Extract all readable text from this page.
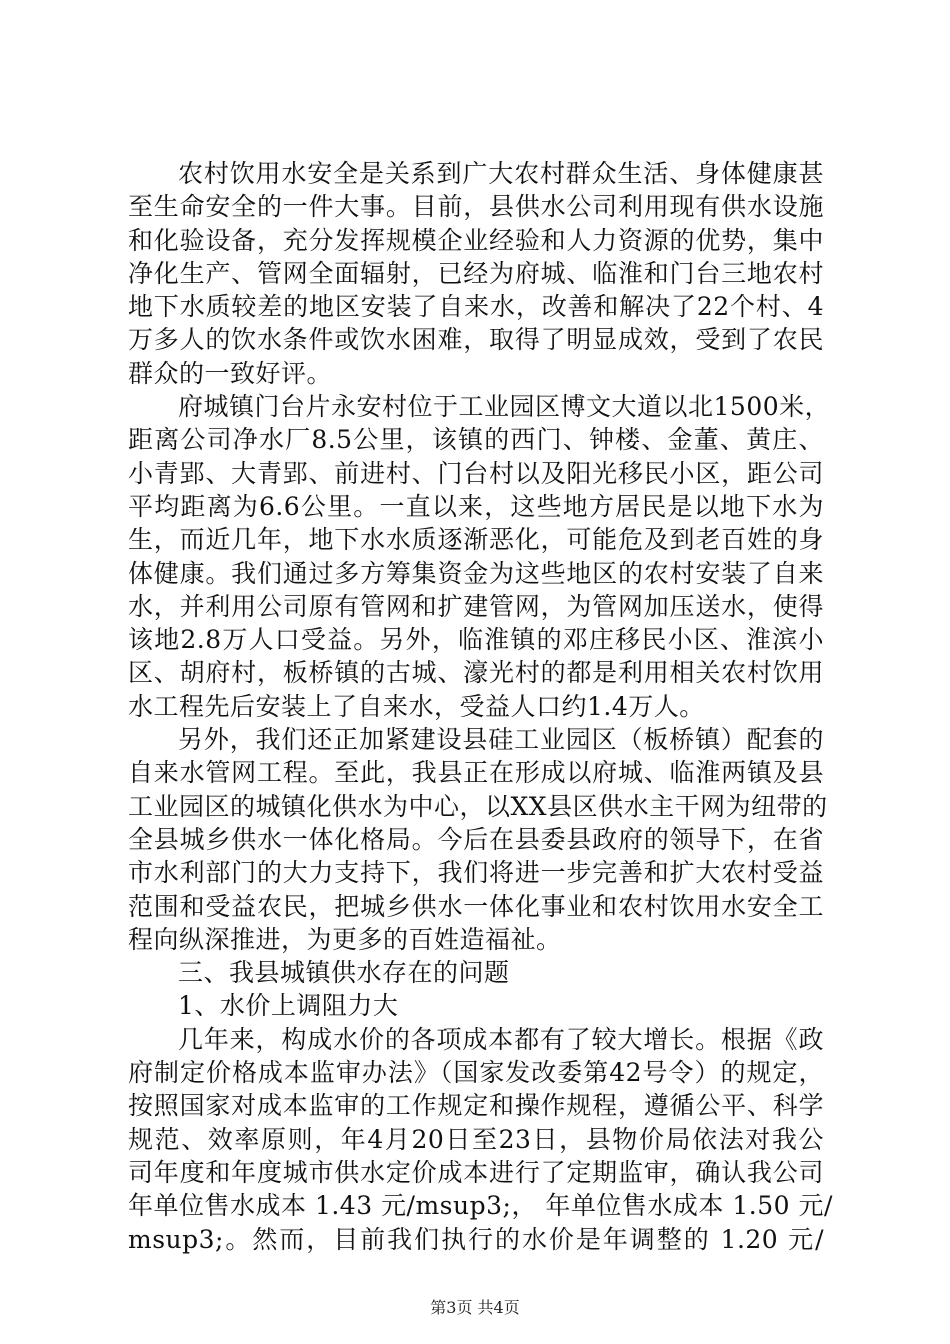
农村饮用水安全是关系到广大农村群众生活、身体健康甚
至生命安全的一件大事。目前，县供水公司利用现有供水设施
和化验设备，充分发挥规模企业经验和人力资源的优势，集中
净化生产、管网全面辐射，已经为府城、临淮和门台三地农村
地下水质较差的地区安装了自来水，改善和解决了22个村、4
万多人的饮水条件或饮水困难，取得了明显成效，受到了农民
群众的一致好评。
府城镇门台片永安村位于工业园区博文大道以北1500米，
距离公司净水厂8.5公里，该镇的西门、钟楼、金董、黄庄、
小青郢、大青郢、前进村、门台村以及阳光移民小区，距公司
平均距离为6.6公里。一直以来，这些地方居民是以地下水为
生，而近几年，地下水水质逐渐恶化，可能危及到老百姓的身
体健康。我们通过多方筹集资金为这些地区的农村安装了自来
水，并利用公司原有管网和扩建管网，为管网加压送水，使得
该地2.8万人口受益。另外，临淮镇的邓庄移民小区、淮滨小
区、胡府村，板桥镇的古城、濠光村的都是利用相关农村饮用
水工程先后安装上了自来水，受益人口约1.4万人。
另外，我们还正加紧建设县硅工业园区（板桥镇）配套的
自来水管网工程。至此，我县正在形成以府城、临淮两镇及县
工业园区的城镇化供水为中心，以XX县区供水主干网为纽带的
全县城乡供水一体化格局。今后在县委县政府的领导下，在省
市水利部门的大力支持下，我们将进一步完善和扩大农村受益
范围和受益农民，把城乡供水一体化事业和农村饮用水安全工
程向纵深推进，为更多的百姓造福祉。
三、我县城镇供水存在的问题
1、水价上调阻力大
几年来，构成水价的各项成本都有了较大增长。根据《政
府制定价格成本监审办法》（国家发改委第42号令）的规定，
按照国家对成本监审的工作规定和操作规程，遵循公平、科学
规范、效率原则，年4月20日至23日，县物价局依法对我公
司年度和年度城市供水定价成本进行了定期监审，确认我公司
年单位售水成本 1.43 元/msup3;， 年单位售水成本 1.50 元/
msup3;。然而，目前我们执行的水价是年调整的 1.20 元/
第3页 共4页
